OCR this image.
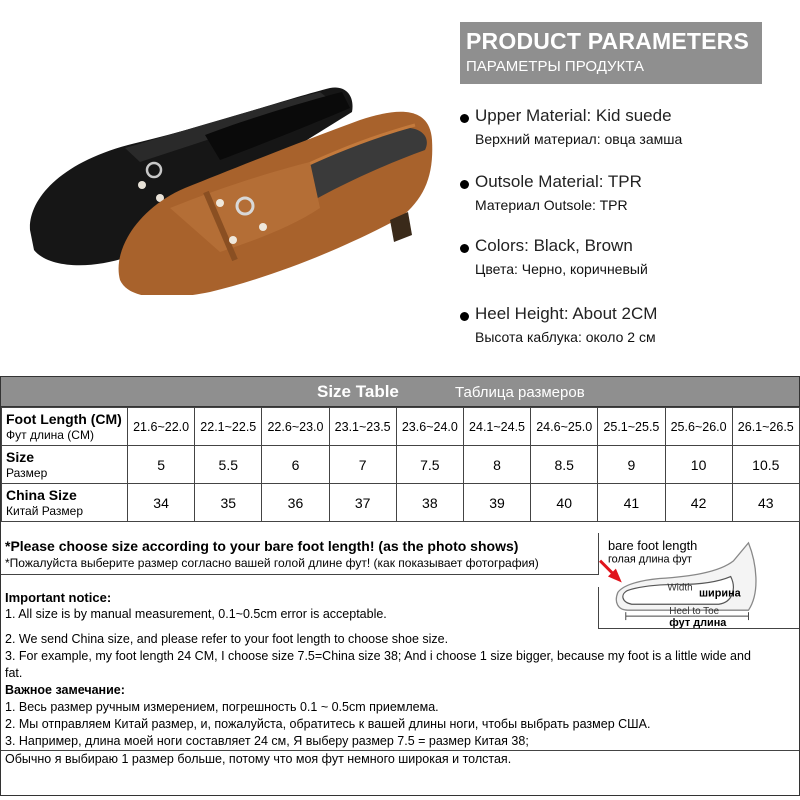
PRODUCT PARAMETERS
ПАРАМЕТРЫ ПРОДУКТА
Upper Material: Kid suede
Верхний материал: овца замша
Outsole Material: TPR
Материал Outsole: TPR
Colors: Black, Brown
Цвета: Черно, коричневый
Heel Height: About 2CM
Высота каблука: около 2 см
Size Table	Таблица размеров
Foot Length (CM)
Фут длина (CM)	21.6~22.0	22.1~22.5	22.6~23.0	23.1~23.5	23.6~24.0	24.1~24.5	24.6~25.0	25.1~25.5	25.6~26.0	26.1~26.5

Size
Размер	5	5.5	6	7	7.5	8	8.5	9	10	10.5

China Size
Китай Размер	34	35	36	37	38	39	40	41	42	43
*Please choose size according to your bare foot length! (as the photo shows)
*Пожалуйста выберите размер согласно вашей голой длине фут! (как показывает фотография)
Important notice:
1. All size is by manual measurement, 0.1~0.5cm error is acceptable.
bare foot length
голая длина фут
Width ширина
Heel to Toe
фут длина
2. We send China size, and please refer to your foot length to choose shoe size.
3. For example, my foot length 24 CM, I choose size 7.5=China size 38; And i choose 1 size bigger, because my foot is a little wide and
fat.
Важное замечание:
1. Весь размер ручным измерением, погрешность 0.1 ~ 0.5cm приемлема.
2. Мы отправляем Китай размер, и, пожалуйста, обратитесь к вашей длины ноги, чтобы выбрать размер США.
3. Например, длина моей ноги составляет 24 см, Я выберу размер 7.5 = размер Китая 38;
Обычно я выбираю 1 размер больше, потому что моя фут немного широкая и толстая.
